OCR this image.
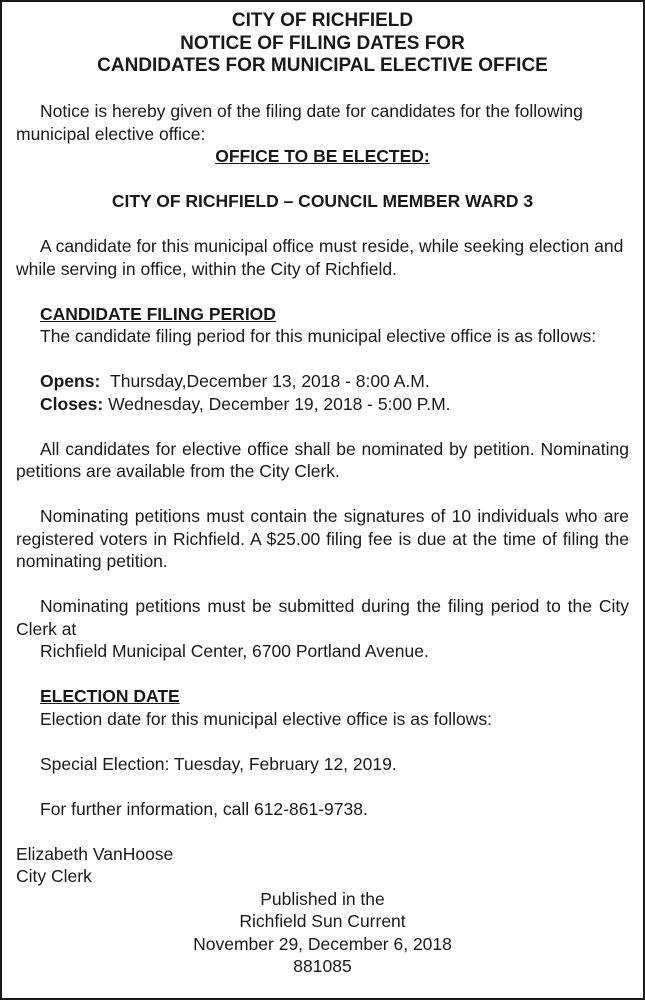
CITY OF RICHFIELD
NOTICE OF FILING DATES FOR
CANDIDATES FOR MUNICIPAL ELECTIVE OFFICE

Notice is hereby given of the filing date for candidates for the following municipal elective office:

OFFICE TO BE ELECTED:

CITY OF RICHFIELD – COUNCIL MEMBER WARD 3

A candidate for this municipal office must reside, while seeking election and while serving in office, within the City of Richfield.

CANDIDATE FILING PERIOD

The candidate filing period for this municipal elective office is as follows:

Opens: Thursday,December 13, 2018 - 8:00 A.M.

Closes: Wednesday, December 19, 2018 - 5:00 P.M.

All candidates for elective office shall be nominated by petition. Nominating petitions are available from the City Clerk.

Nominating petitions must contain the signatures of 10 individuals who are registered voters in Richfield. A $25.00 filing fee is due at the time of filing the nominating petition.

Nominating petitions must be submitted during the filing period to the City Clerk at

Richfield Municipal Center, 6700 Portland Avenue.

ELECTION DATE

Election date for this municipal elective office is as follows:

Special Election: Tuesday, February 12, 2019.

For further information, call 612-861-9738.

Elizabeth VanHoose

City Clerk

Published in the
Richfield Sun Current
November 29, December 6, 2018
881085
